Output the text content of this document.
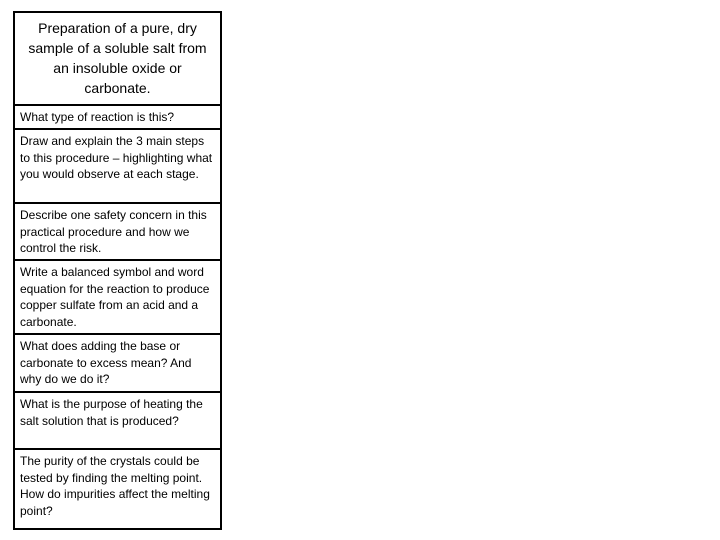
Preparation of a pure, dry sample of a soluble salt from an insoluble oxide or carbonate.
What type of reaction is this?
Draw and explain the 3 main steps to this procedure – highlighting what you would observe at each stage.
Describe one safety concern in this practical procedure and how we control the risk.
Write a balanced symbol and word equation for the reaction to produce copper sulfate from an acid and a carbonate.
What does adding the base or carbonate to excess mean? And why do we do it?
What is the purpose of heating the salt solution that is produced?
The purity of the crystals could be tested by finding the melting point. How do impurities affect the melting point?
